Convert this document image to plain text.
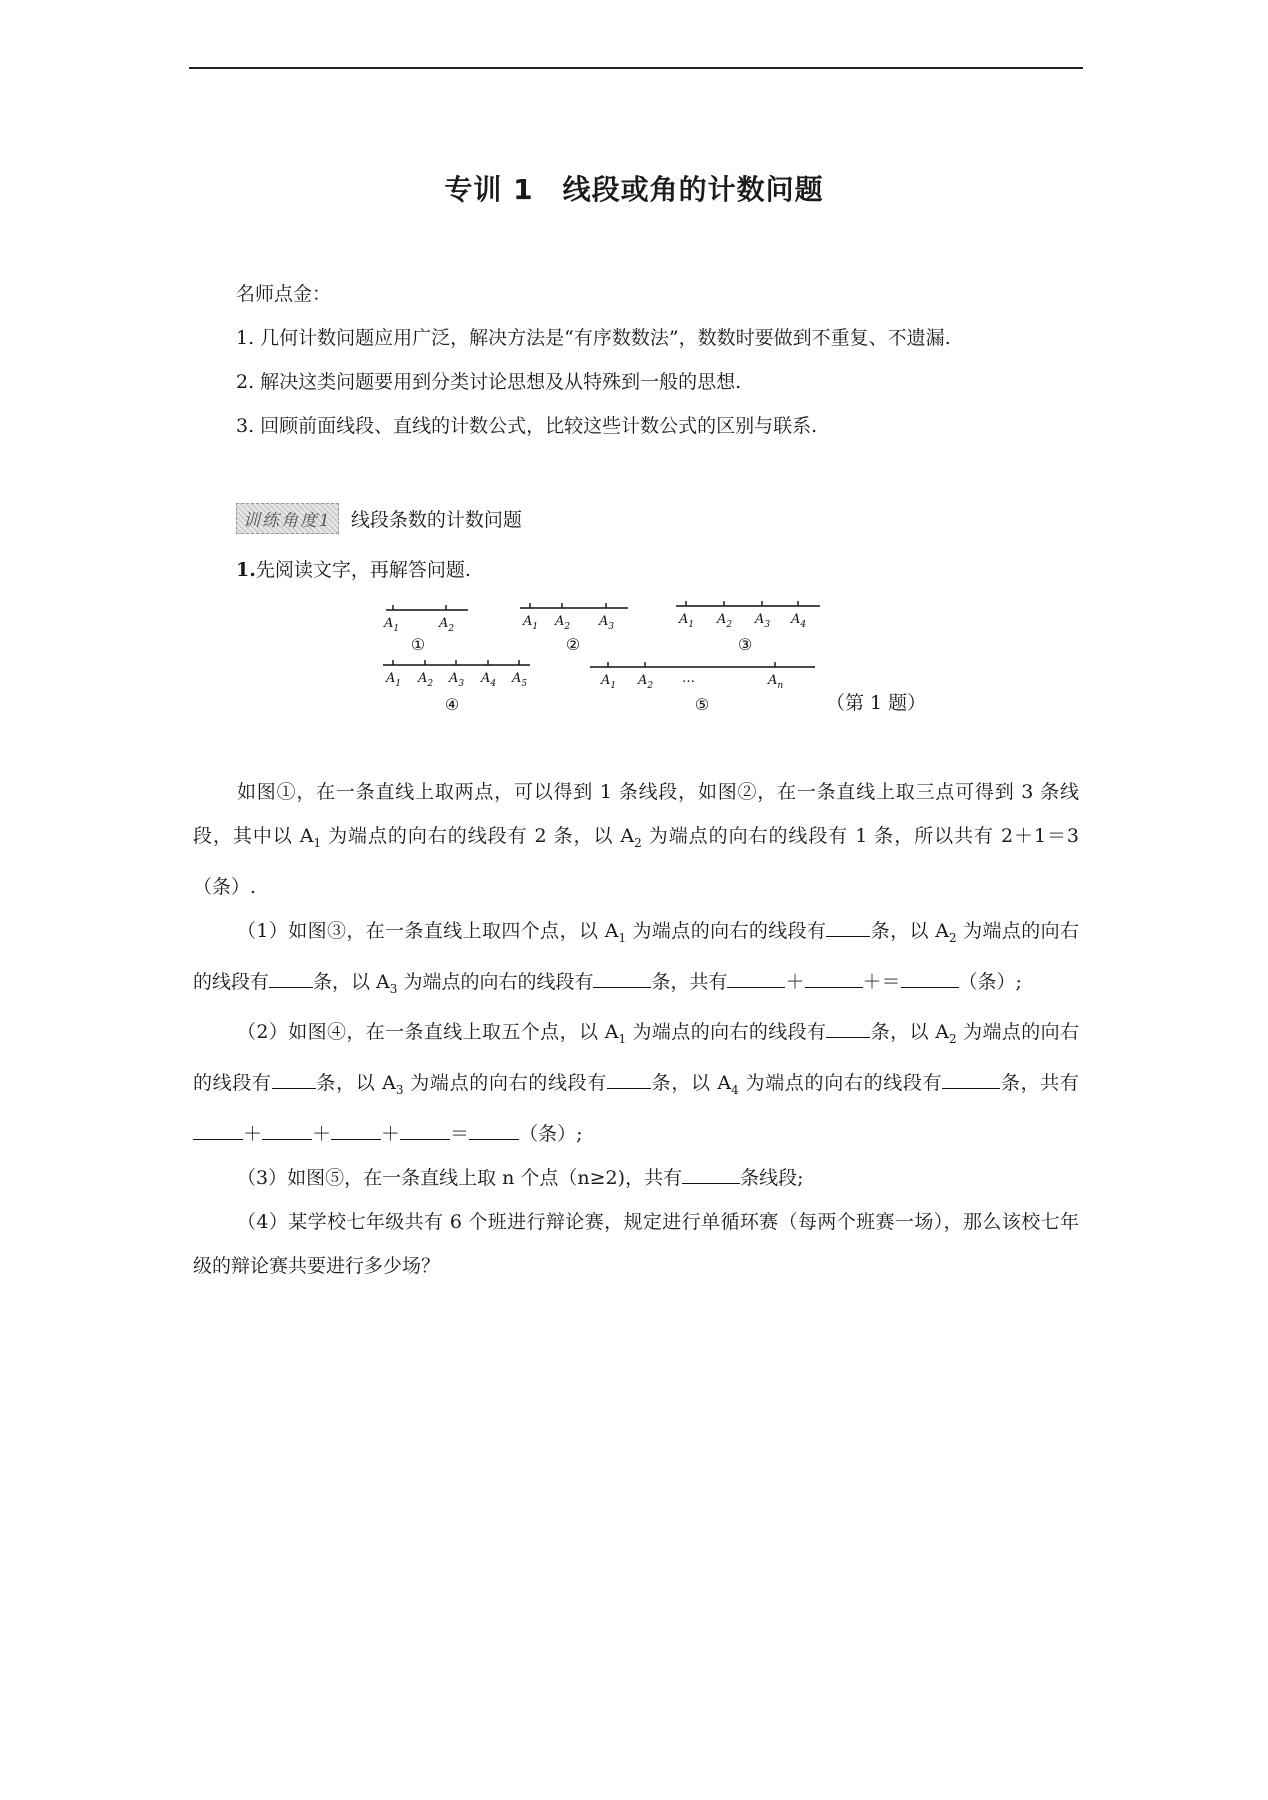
专训 1　线段或角的计数问题
名师点金：
1. 几何计数问题应用广泛，解决方法是“有序数数法”，数数时要做到不重复、不遗漏.
2. 解决这类问题要用到分类讨论思想及从特殊到一般的思想.
3. 回顾前面线段、直线的计数公式，比较这些计数公式的区别与联系.
训练角度1	线段条数的计数问题
1.先阅读文字，再解答问题.
$A_1$	$A_2$	$A_1$ $A_2$ $A_3$	$A_1$ $A_2$ $A_3$ $A_4$
$A_1$ $A_2$ $A_3$ $A_4$ $A_5$	$A_1$ $A_2$ …	$A_n$
①	②	③
④	⑤	（第 1 题）

如图①，在一条直线上取两点，可以得到 1 条线段，如图②，在一条直线上取三点可得到 3 条线段，其中以 $A_1$ 为端点的向右的线段有 2 条，以 $A_2$ 为端点的向右的线段有 1 条，所以共有 2＋1＝3（条）.

（1）如图③，在一条直线上取四个点，以 $A_1$ 为端点的向右的线段有 条，以 $A_2$ 为端点的向右的线段有 条，以 $A_3$ 为端点的向右的线段有	条，共有	＋	＋＝	（条）;

（2）如图④，在一条直线上取五个点，以 $A_1$ 为端点的向右的线段有 条，以 $A_2$ 为端点的向右的线段有 条，以 $A_3$ 为端点的向右的线段有 条，以 $A_4$ 为端点的向右的线段有	条，共有＋	＋	＋	＝	（条）;

（3）如图⑤，在一条直线上取 n 个点（n≥2)，共有	条线段;

（4）某学校七年级共有 6 个班进行辩论赛，规定进行单循环赛（每两个班赛一场），那么该校七年级的辩论赛共要进行多少场？
